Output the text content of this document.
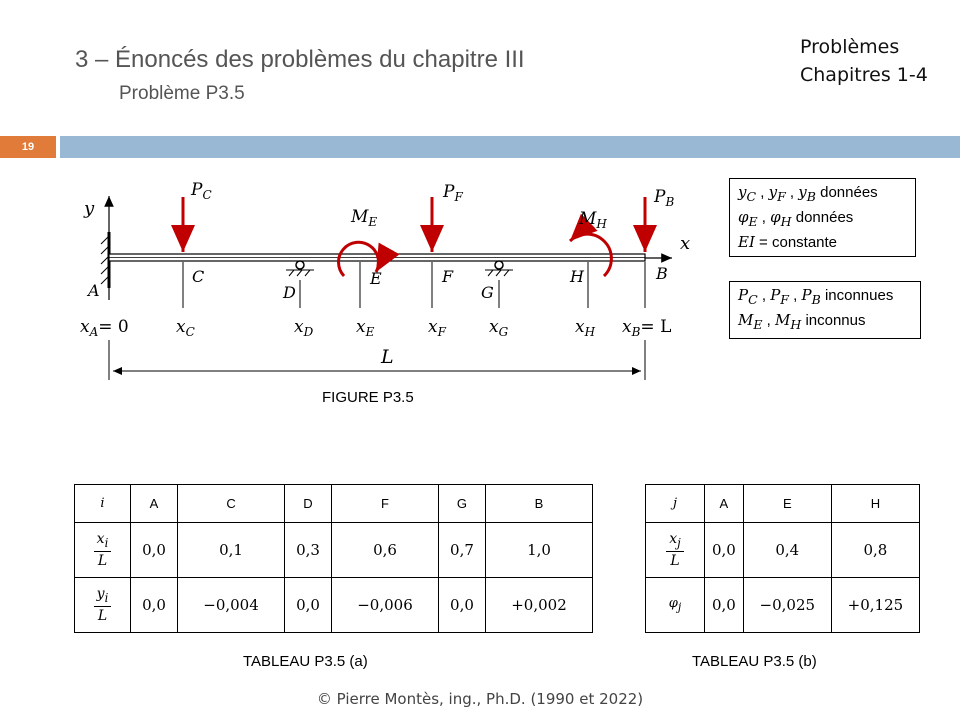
3 – Énoncés des problèmes du chapitre III
Problème P3.5
Problèmes
Chapitres 1-4
19
y
x
$P_C$	$P_F$	$P_B$
$M_E$	$M_H$
A
C
D
E	F
G
H	B
$x_A= 0$	$x_C$	$x_D$	$x_E$	$x_F$	$x_G$	$x_H$ $x_B= L$
L
$y_C$ , $y_F$ , $y_B$ données
$\varphi_E$ , $\varphi_H$ données
EI = constante
$P_C$ , $P_F$ , $P_B$ inconnues
$M_E$ , $M_H$ inconnus
FIGURE P3.5
i	A	C	D	F	G	B

$\frac{x_i}{L}$	0,0	0,1	0,3	0,6	0,7	1,0

$\frac{y_i}{L}$	0,0	−0,004	0,0	−0,006	0,0	+0,002
j	A	E	H

$\frac{x_j}{L}$	0,0	0,4	0,8
$\varphi_j$	0,0	−0,025	+0,125
TABLEAU P3.5 (a)	TABLEAU P3.5 (b)
© Pierre Montès, ing., Ph.D. (1990 et 2022)
